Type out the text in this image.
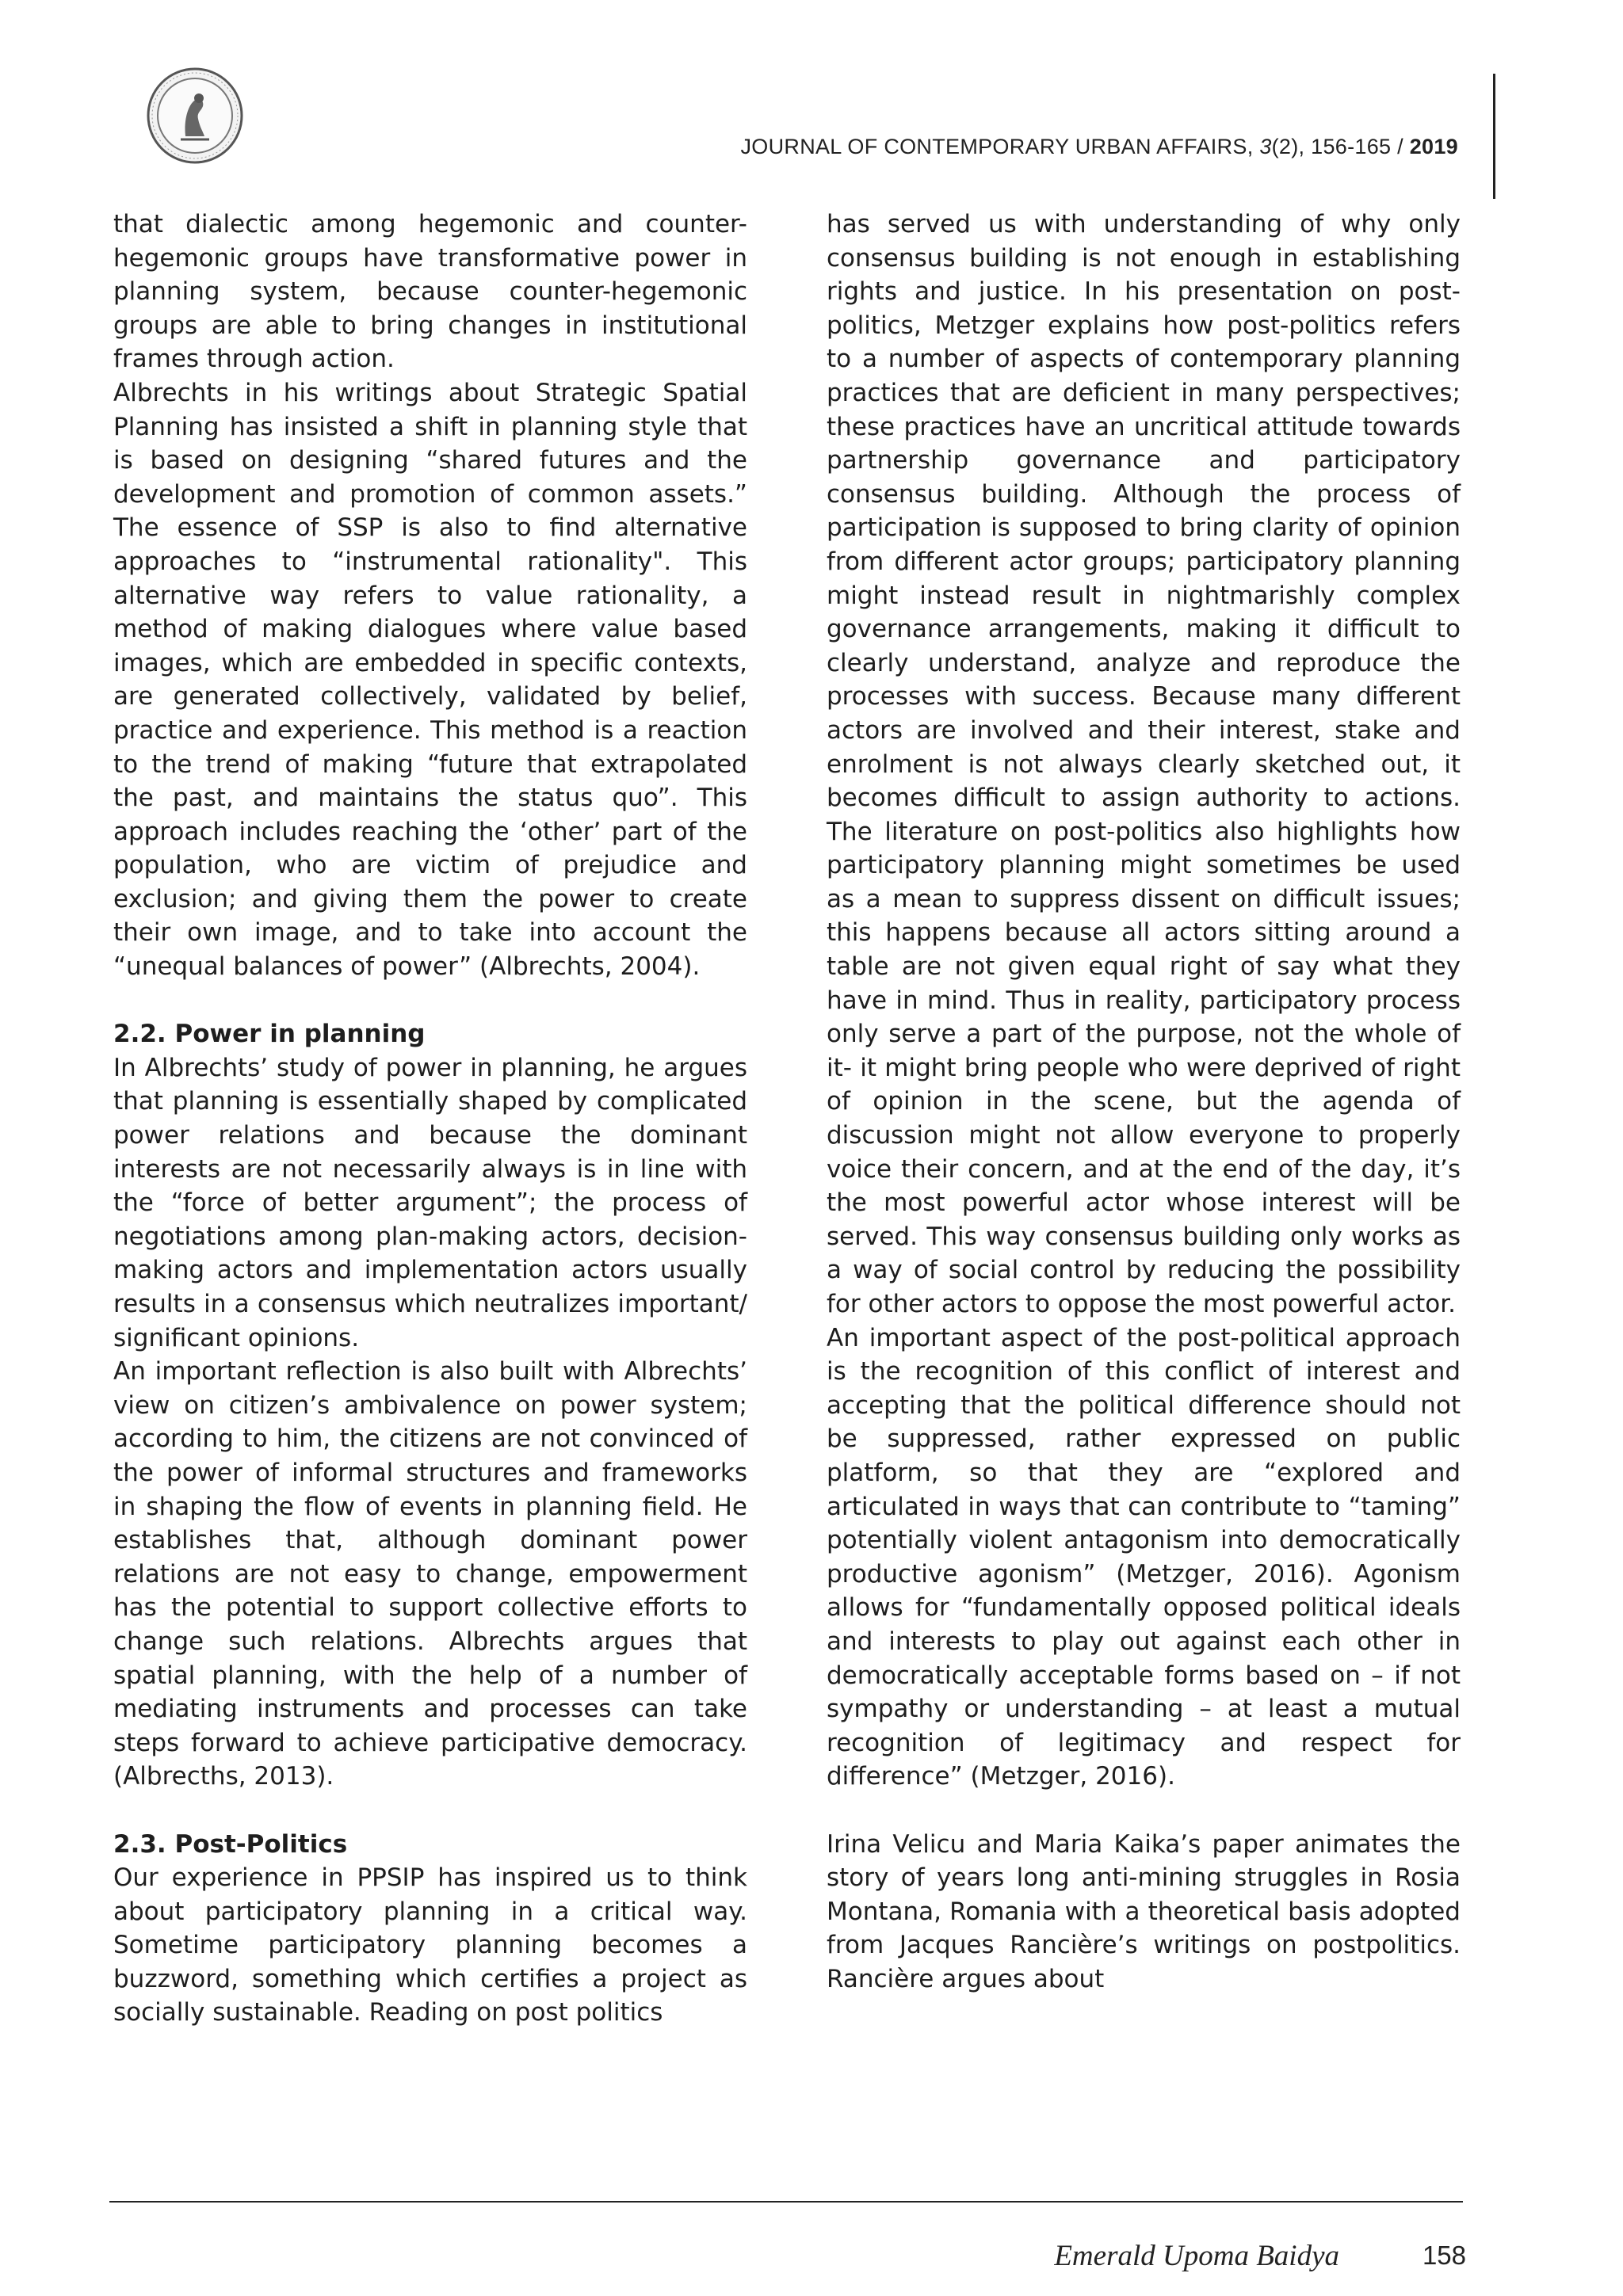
JOURNAL OF CONTEMPORARY URBAN AFFAIRS, 3(2), 156-165 / 2019

that dialectic among hegemonic and counter-hegemonic groups have transformative power in planning system, because counter-hegemonic groups are able to bring changes in institutional frames through action.

Albrechts in his writings about Strategic Spatial Planning has insisted a shift in planning style that is based on designing “shared futures and the development and promotion of common assets.” The essence of SSP is also to find alternative approaches to “instrumental rationality". This alternative way refers to value rationality, a method of making dialogues where value based images, which are embedded in specific contexts, are generated collectively, validated by belief, practice and experience. This method is a reaction to the trend of making “future that extrapolated the past, and maintains the status quo”. This approach includes reaching the ‘other’ part of the population, who are victim of prejudice and exclusion; and giving them the power to create their own image, and to take into account the “unequal balances of power” (Albrechts, 2004).

2.2. Power in planning

In Albrechts’ study of power in planning, he argues that planning is essentially shaped by complicated power relations and because the dominant interests are not necessarily always is in line with the “force of better argument”; the process of negotiations among plan-making actors, decision-making actors and implementation actors usually results in a consensus which neutralizes important/ significant opinions.

An important reflection is also built with Albrechts’ view on citizen’s ambivalence on power system; according to him, the citizens are not convinced of the power of informal structures and frameworks in shaping the flow of events in planning field. He establishes that, although dominant power relations are not easy to change, empowerment has the potential to support collective efforts to change such relations. Albrechts argues that spatial planning, with the help of a number of mediating instruments and processes can take steps forward to achieve participative democracy. (Albrecths, 2013).

2.3. Post-Politics

Our experience in PPSIP has inspired us to think about participatory planning in a critical way. Sometime participatory planning becomes a buzzword, something which certifies a project as socially sustainable. Reading on post politics

has served us with understanding of why only consensus building is not enough in establishing rights and justice. In his presentation on post-politics, Metzger explains how post-politics refers to a number of aspects of contemporary planning practices that are deficient in many perspectives; these practices have an uncritical attitude towards partnership governance and participatory consensus building. Although the process of participation is supposed to bring clarity of opinion from different actor groups; participatory planning might instead result in nightmarishly complex governance arrangements, making it difficult to clearly understand, analyze and reproduce the processes with success. Because many different actors are involved and their interest, stake and enrolment is not always clearly sketched out, it becomes difficult to assign authority to actions. The literature on post-politics also highlights how participatory planning might sometimes be used as a mean to suppress dissent on difficult issues; this happens because all actors sitting around a table are not given equal right of say what they have in mind. Thus in reality, participatory process only serve a part of the purpose, not the whole of it- it might bring people who were deprived of right of opinion in the scene, but the agenda of discussion might not allow everyone to properly voice their concern, and at the end of the day, it’s the most powerful actor whose interest will be served. This way consensus building only works as a way of social control by reducing the possibility for other actors to oppose the most powerful actor.

An important aspect of the post-political approach is the recognition of this conflict of interest and accepting that the political difference should not be suppressed, rather expressed on public platform, so that they are “explored and articulated in ways that can contribute to “taming” potentially violent antagonism into democratically productive agonism” (Metzger, 2016). Agonism allows for “fundamentally opposed political ideals and interests to play out against each other in democratically acceptable forms based on – if not sympathy or understanding – at least a mutual recognition of legitimacy and respect for difference” (Metzger, 2016).

Irina Velicu and Maria Kaika’s paper animates the story of years long anti-mining struggles in Rosia Montana, Romania with a theoretical basis adopted from Jacques Rancière’s writings on postpolitics. Rancière argues about

Emerald Upoma Baidya	158
